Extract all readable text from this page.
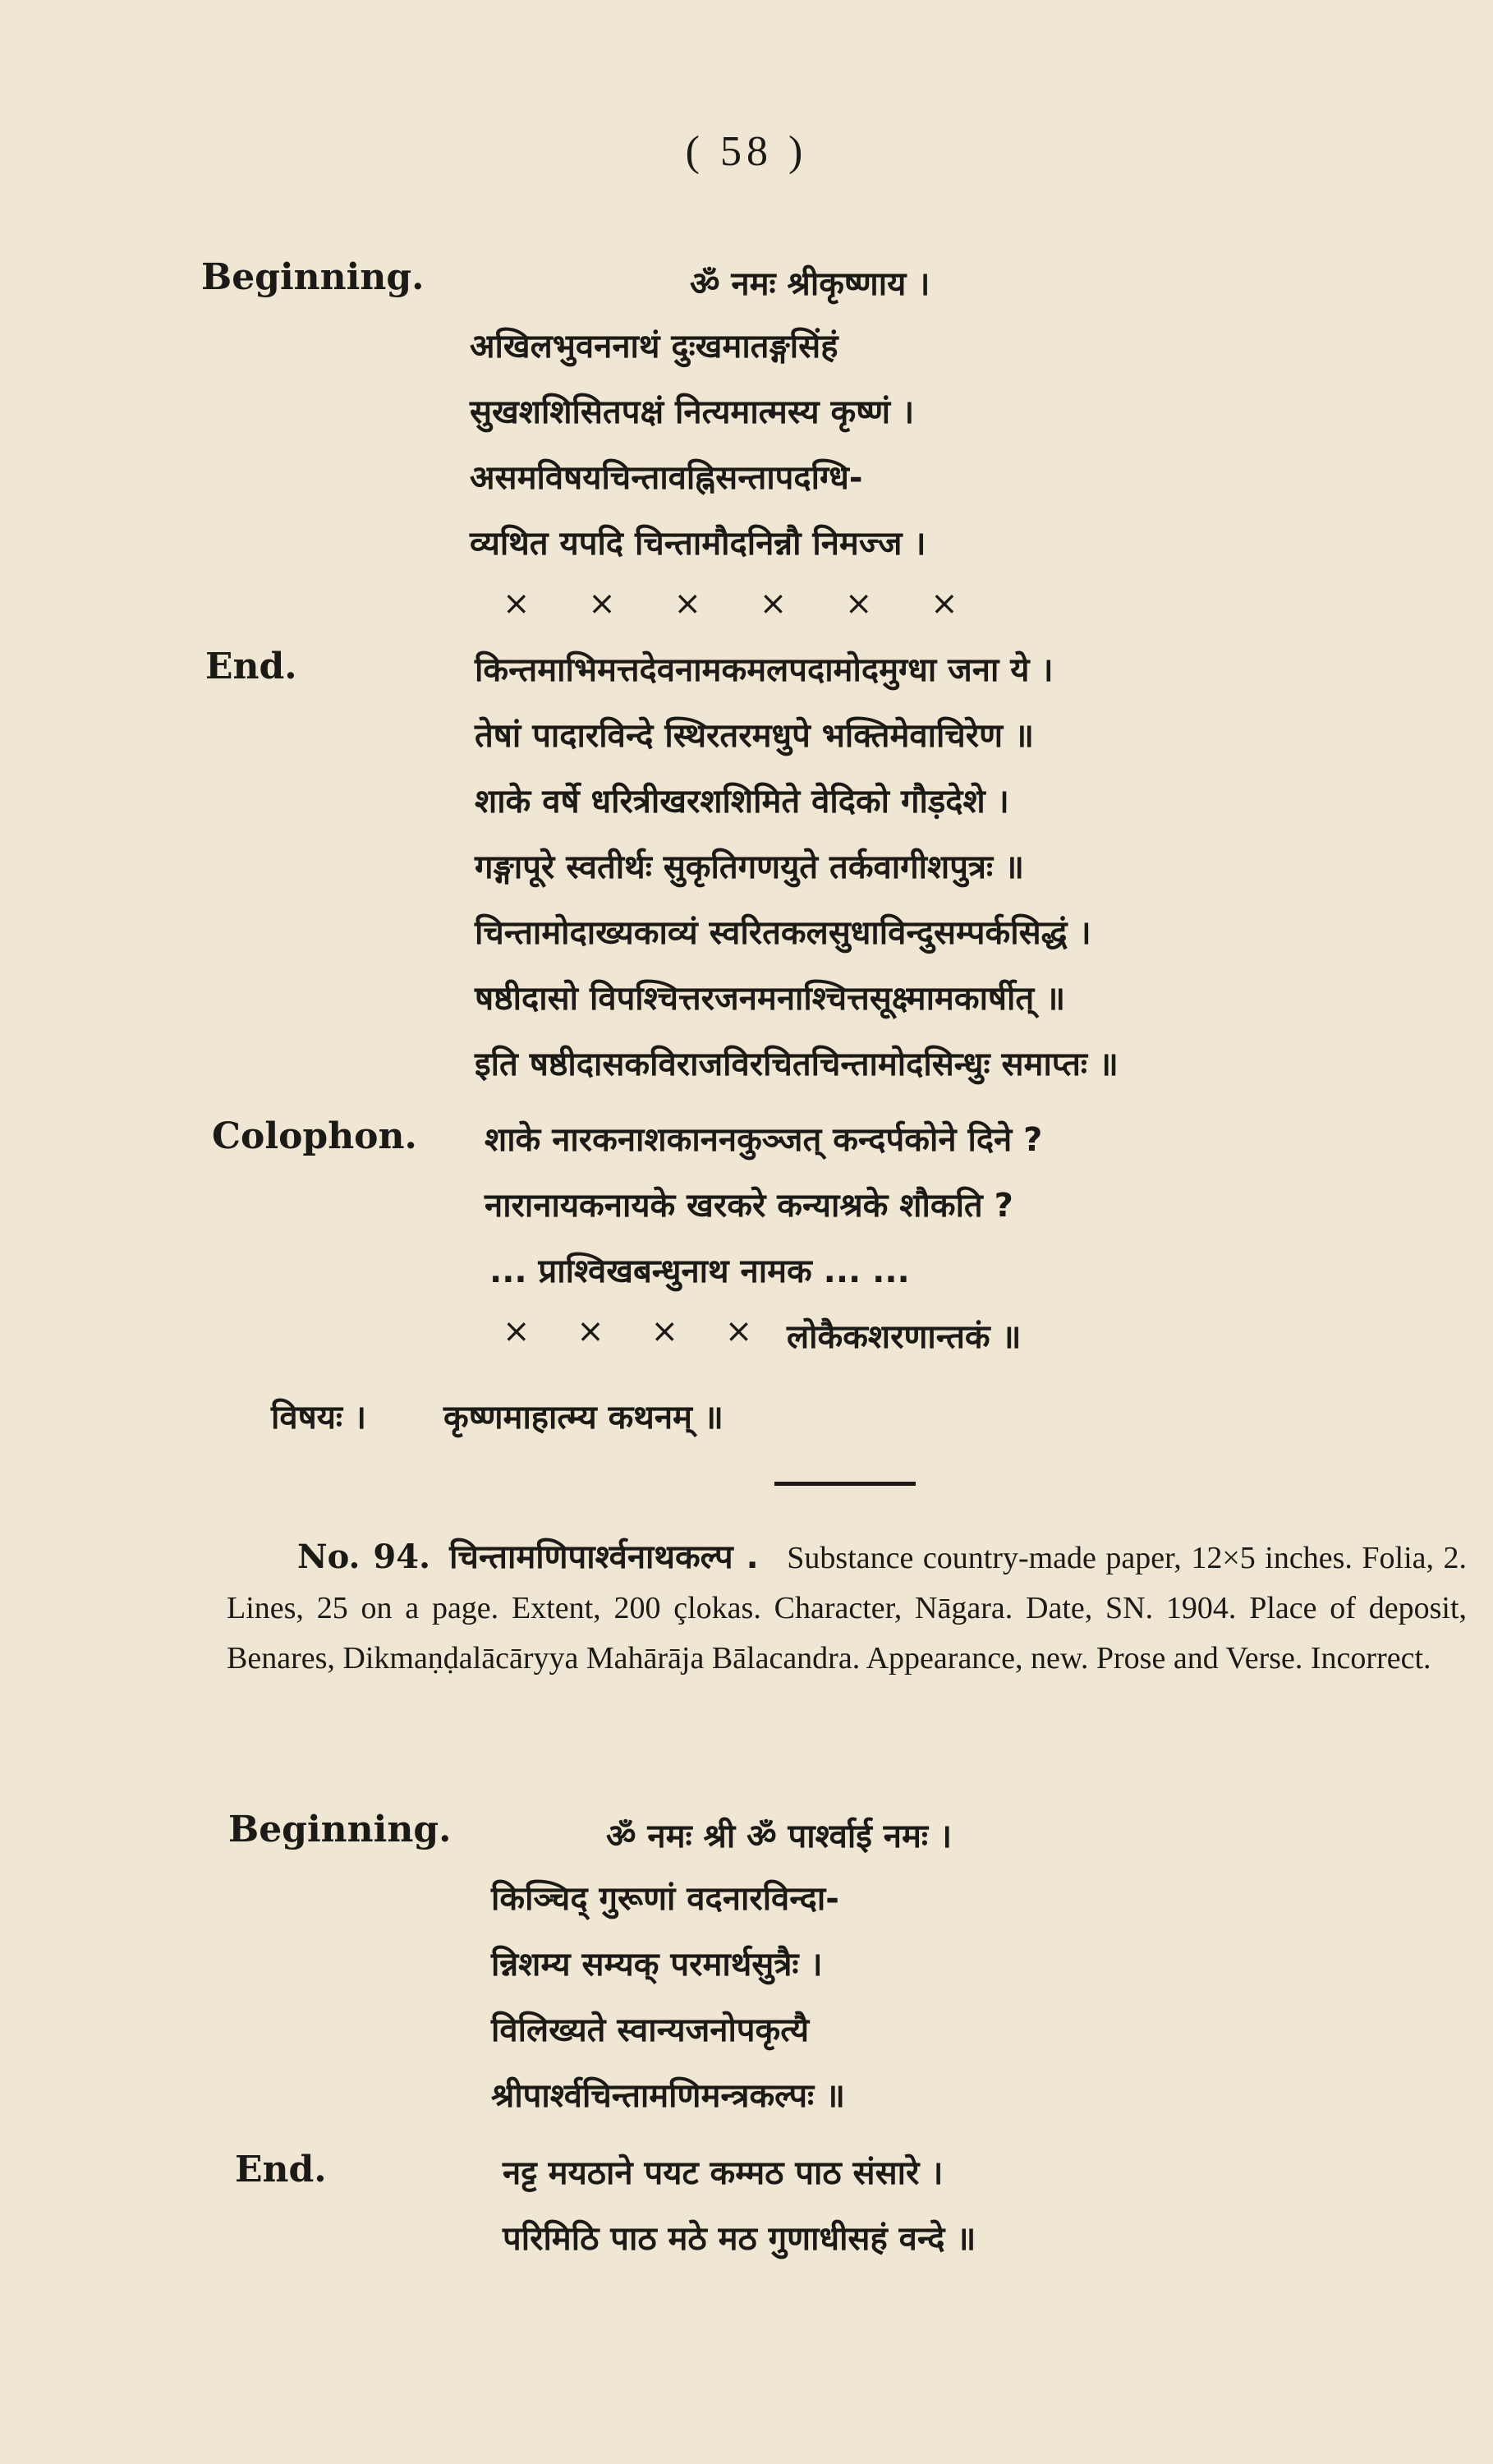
( 58 )
Beginning.	ॐ नमः श्रीकृष्णाय ।
अखिलभुवननाथं दुःखमातङ्गसिंहं
सुखशशिसितपक्षं नित्यमात्मस्य कृष्णं ।
असमविषयचिन्तावह्निसन्तापदग्धि-
व्यथित यपदि चिन्तामौदनिन्नौ निमज्ज ।
× × × × × ×
End.	किन्तमाभिमत्तदेवनामकमलपदामोदमुग्धा जना ये ।
तेषां पादारविन्दे स्थिरतरमधुपे भक्तिमेवाचिरेण ॥
शाके वर्षे धरित्रीखरशशिमिते वेदिको गौड़देशे ।
गङ्गापूरे स्वतीर्थः सुकृतिगणयुते तर्कवागीशपुत्रः ॥
चिन्तामोदाख्यकाव्यं स्वरितकलसुधाविन्दुसम्पर्कसिद्धं ।
षष्ठीदासो विपश्चित्तरजनमनाश्चित्तसूक्ष्मामकार्षीत् ॥
इति षष्ठीदासकविराजविरचितचिन्तामोदसिन्धुः समाप्तः ॥
Colophon. शाके नारकनाशकाननकुञ्जत् कन्दर्पकोने दिने ?
नारानायकनायके खरकरे कन्याश्रके शौकति ?
... प्राश्विखबन्धुनाथ नामक ... ...
× × × × लोकैकशरणान्तकं ॥
विषयः । कृष्णमाहात्म्य कथनम् ॥
No. 94. चिन्तामणिपार्श्वनाथकल्प . Substance country-made paper, 12×5 inches. Folia, 2. Lines, 25 on a page. Extent, 200 çlokas. Character, Nāgara. Date, SN. 1904. Place of deposit, Benares, Dikmaṇḍalācāryya Mahārāja Bālacandra. Appearance, new. Prose and Verse. Incorrect.
Beginning.	ॐ नमः श्री ॐ पार्श्वाई नमः ।
किञ्चिद् गुरूणां वदनारविन्दा-
न्निशम्य सम्यक् परमार्थसुत्रैः ।
विलिख्यते स्वान्यजनोपकृत्यै
श्रीपार्श्वचिन्तामणिमन्त्रकल्पः ॥
End.	नट्ट मयठाने पयट कम्मठ पाठ संसारे ।
परिमिठि पाठ मठे मठ गुणाधीसहं वन्दे ॥
